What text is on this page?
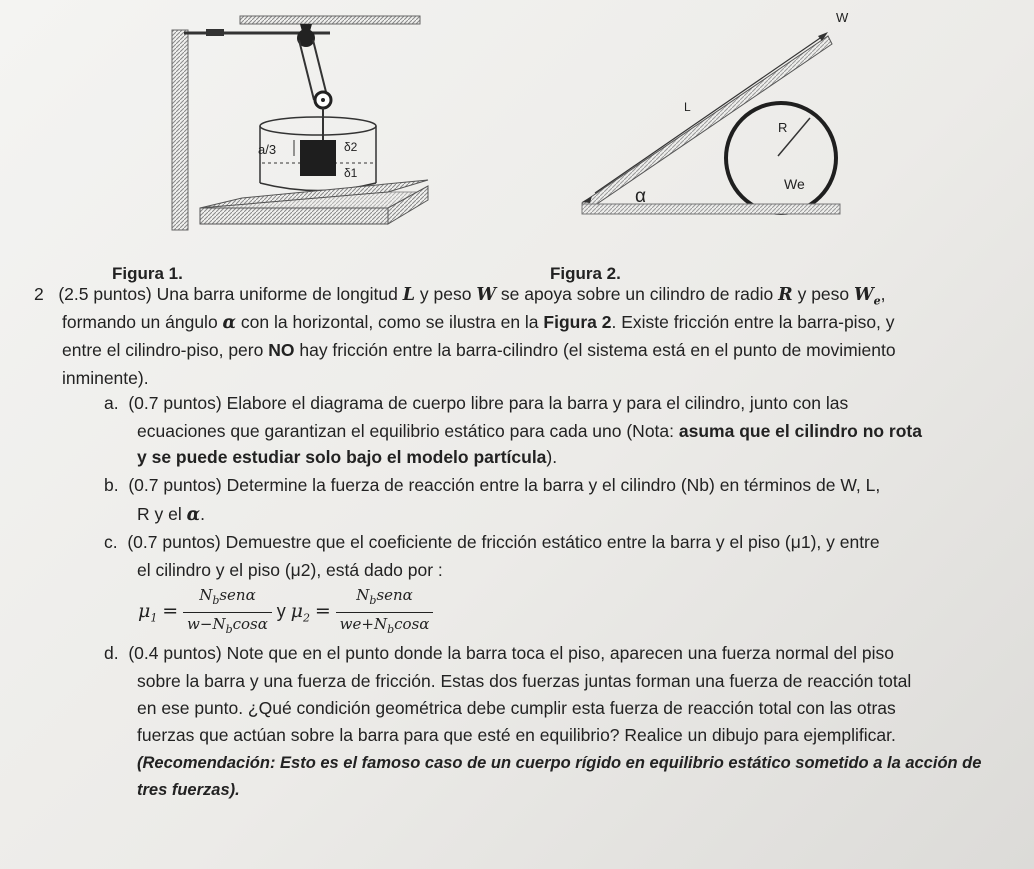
a/3	δ2
δ1
W
L
R
We
α
Figura 1.	Figura 2.
2 (2.5 puntos) Una barra uniforme de longitud L y peso W se apoya sobre un cilindro de radio R y peso $W_e$,
formando un ángulo α con la horizontal, como se ilustra en la Figura 2. Existe fricción entre la barra-piso, y
entre el cilindro-piso, pero NO hay fricción entre la barra-cilindro (el sistema está en el punto de movimiento
inminente).
a. (0.7 puntos) Elabore el diagrama de cuerpo libre para la barra y para el cilindro, junto con las
ecuaciones que garantizan el equilibrio estático para cada uno (Nota: asuma que el cilindro no rota
y se puede estudiar solo bajo el modelo partícula).
b. (0.7 puntos) Determine la fuerza de reacción entre la barra y el cilindro (Nb) en términos de W, L,
R y el α.
c. (0.7 puntos) Demuestre que el coeficiente de fricción estático entre la barra y el piso (μ1), y entre
el cilindro y el piso (μ2), está dado por :
$\mu_1 = \frac{N_bsen\alpha}{w-N_b\cos\alpha}$ y $\mu_2 = \frac{N_bsen\alpha}{we+N_b\cos\alpha}$
d. (0.4 puntos) Note que en el punto donde la barra toca el piso, aparecen una fuerza normal del piso
sobre la barra y una fuerza de fricción. Estas dos fuerzas juntas forman una fuerza de reacción total
en ese punto. ¿Qué condición geométrica debe cumplir esta fuerza de reacción total con las otras
fuerzas que actúan sobre la barra para que esté en equilibrio? Realice un dibujo para ejemplificar.
(Recomendación: Esto es el famoso caso de un cuerpo rígido en equilibrio estático sometido a la acción de
tres fuerzas).
